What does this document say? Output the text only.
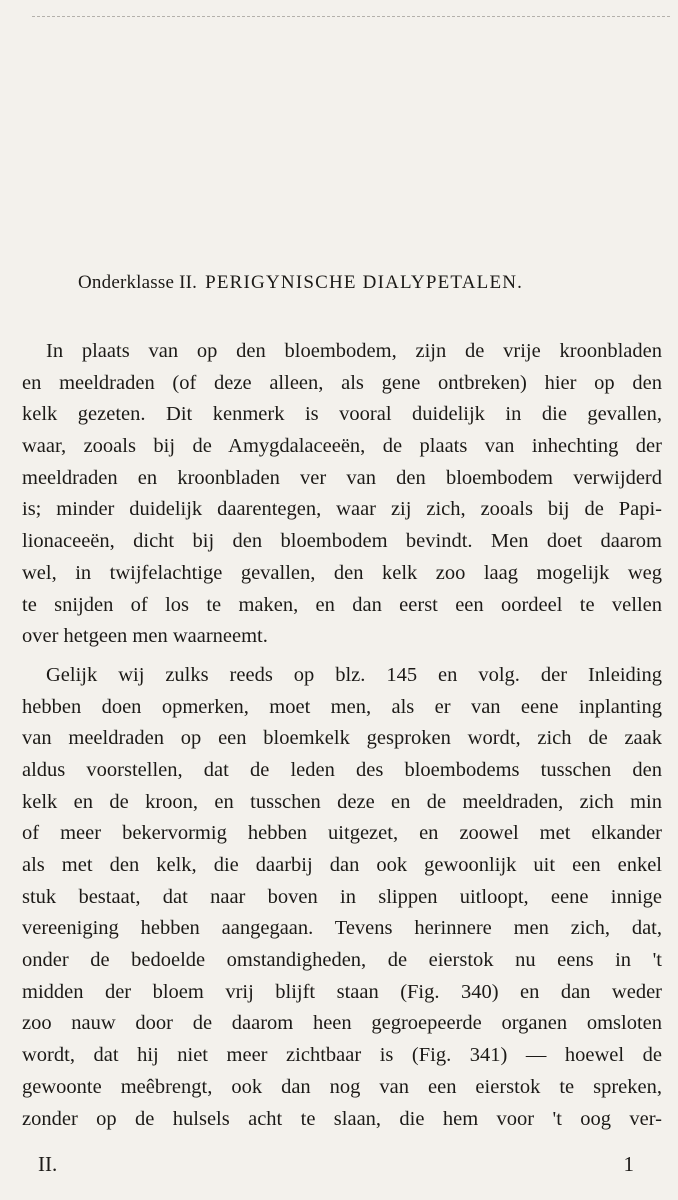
Onderklasse II. PERIGYNISCHE DIALYPETALEN.
In plaats van op den bloembodem, zijn de vrije kroonbladen
en meeldraden (of deze alleen, als gene ontbreken) hier op den
kelk gezeten. Dit kenmerk is vooral duidelijk in die gevallen,
waar, zooals bij de Amygdalaceeën, de plaats van inhechting der
meeldraden en kroonbladen ver van den bloembodem verwijderd
is; minder duidelijk daarentegen, waar zij zich, zooals bij de Papi-
lionaceeën, dicht bij den bloembodem bevindt. Men doet daarom
wel, in twijfelachtige gevallen, den kelk zoo laag mogelijk weg
te snijden of los te maken, en dan eerst een oordeel te vellen
over hetgeen men waarneemt.
Gelijk wij zulks reeds op blz. 145 en volg. der Inleiding
hebben doen opmerken, moet men, als er van eene inplanting
van meeldraden op een bloemkelk gesproken wordt, zich de zaak
aldus voorstellen, dat de leden des bloembodems tusschen den
kelk en de kroon, en tusschen deze en de meeldraden, zich min
of meer bekervormig hebben uitgezet, en zoowel met elkander
als met den kelk, die daarbij dan ook gewoonlijk uit een enkel
stuk bestaat, dat naar boven in slippen uitloopt, eene innige
vereeniging hebben aangegaan. Tevens herinnere men zich, dat,
onder de bedoelde omstandigheden, de eierstok nu eens in 't
midden der bloem vrij blijft staan (Fig. 340) en dan weder
zoo nauw door de daarom heen gegroepeerde organen omsloten
wordt, dat hij niet meer zichtbaar is (Fig. 341) — hoewel de
gewoonte meêbrengt, ook dan nog van een eierstok te spreken,
zonder op de hulsels acht te slaan, die hem voor 't oog ver-
II.	1
